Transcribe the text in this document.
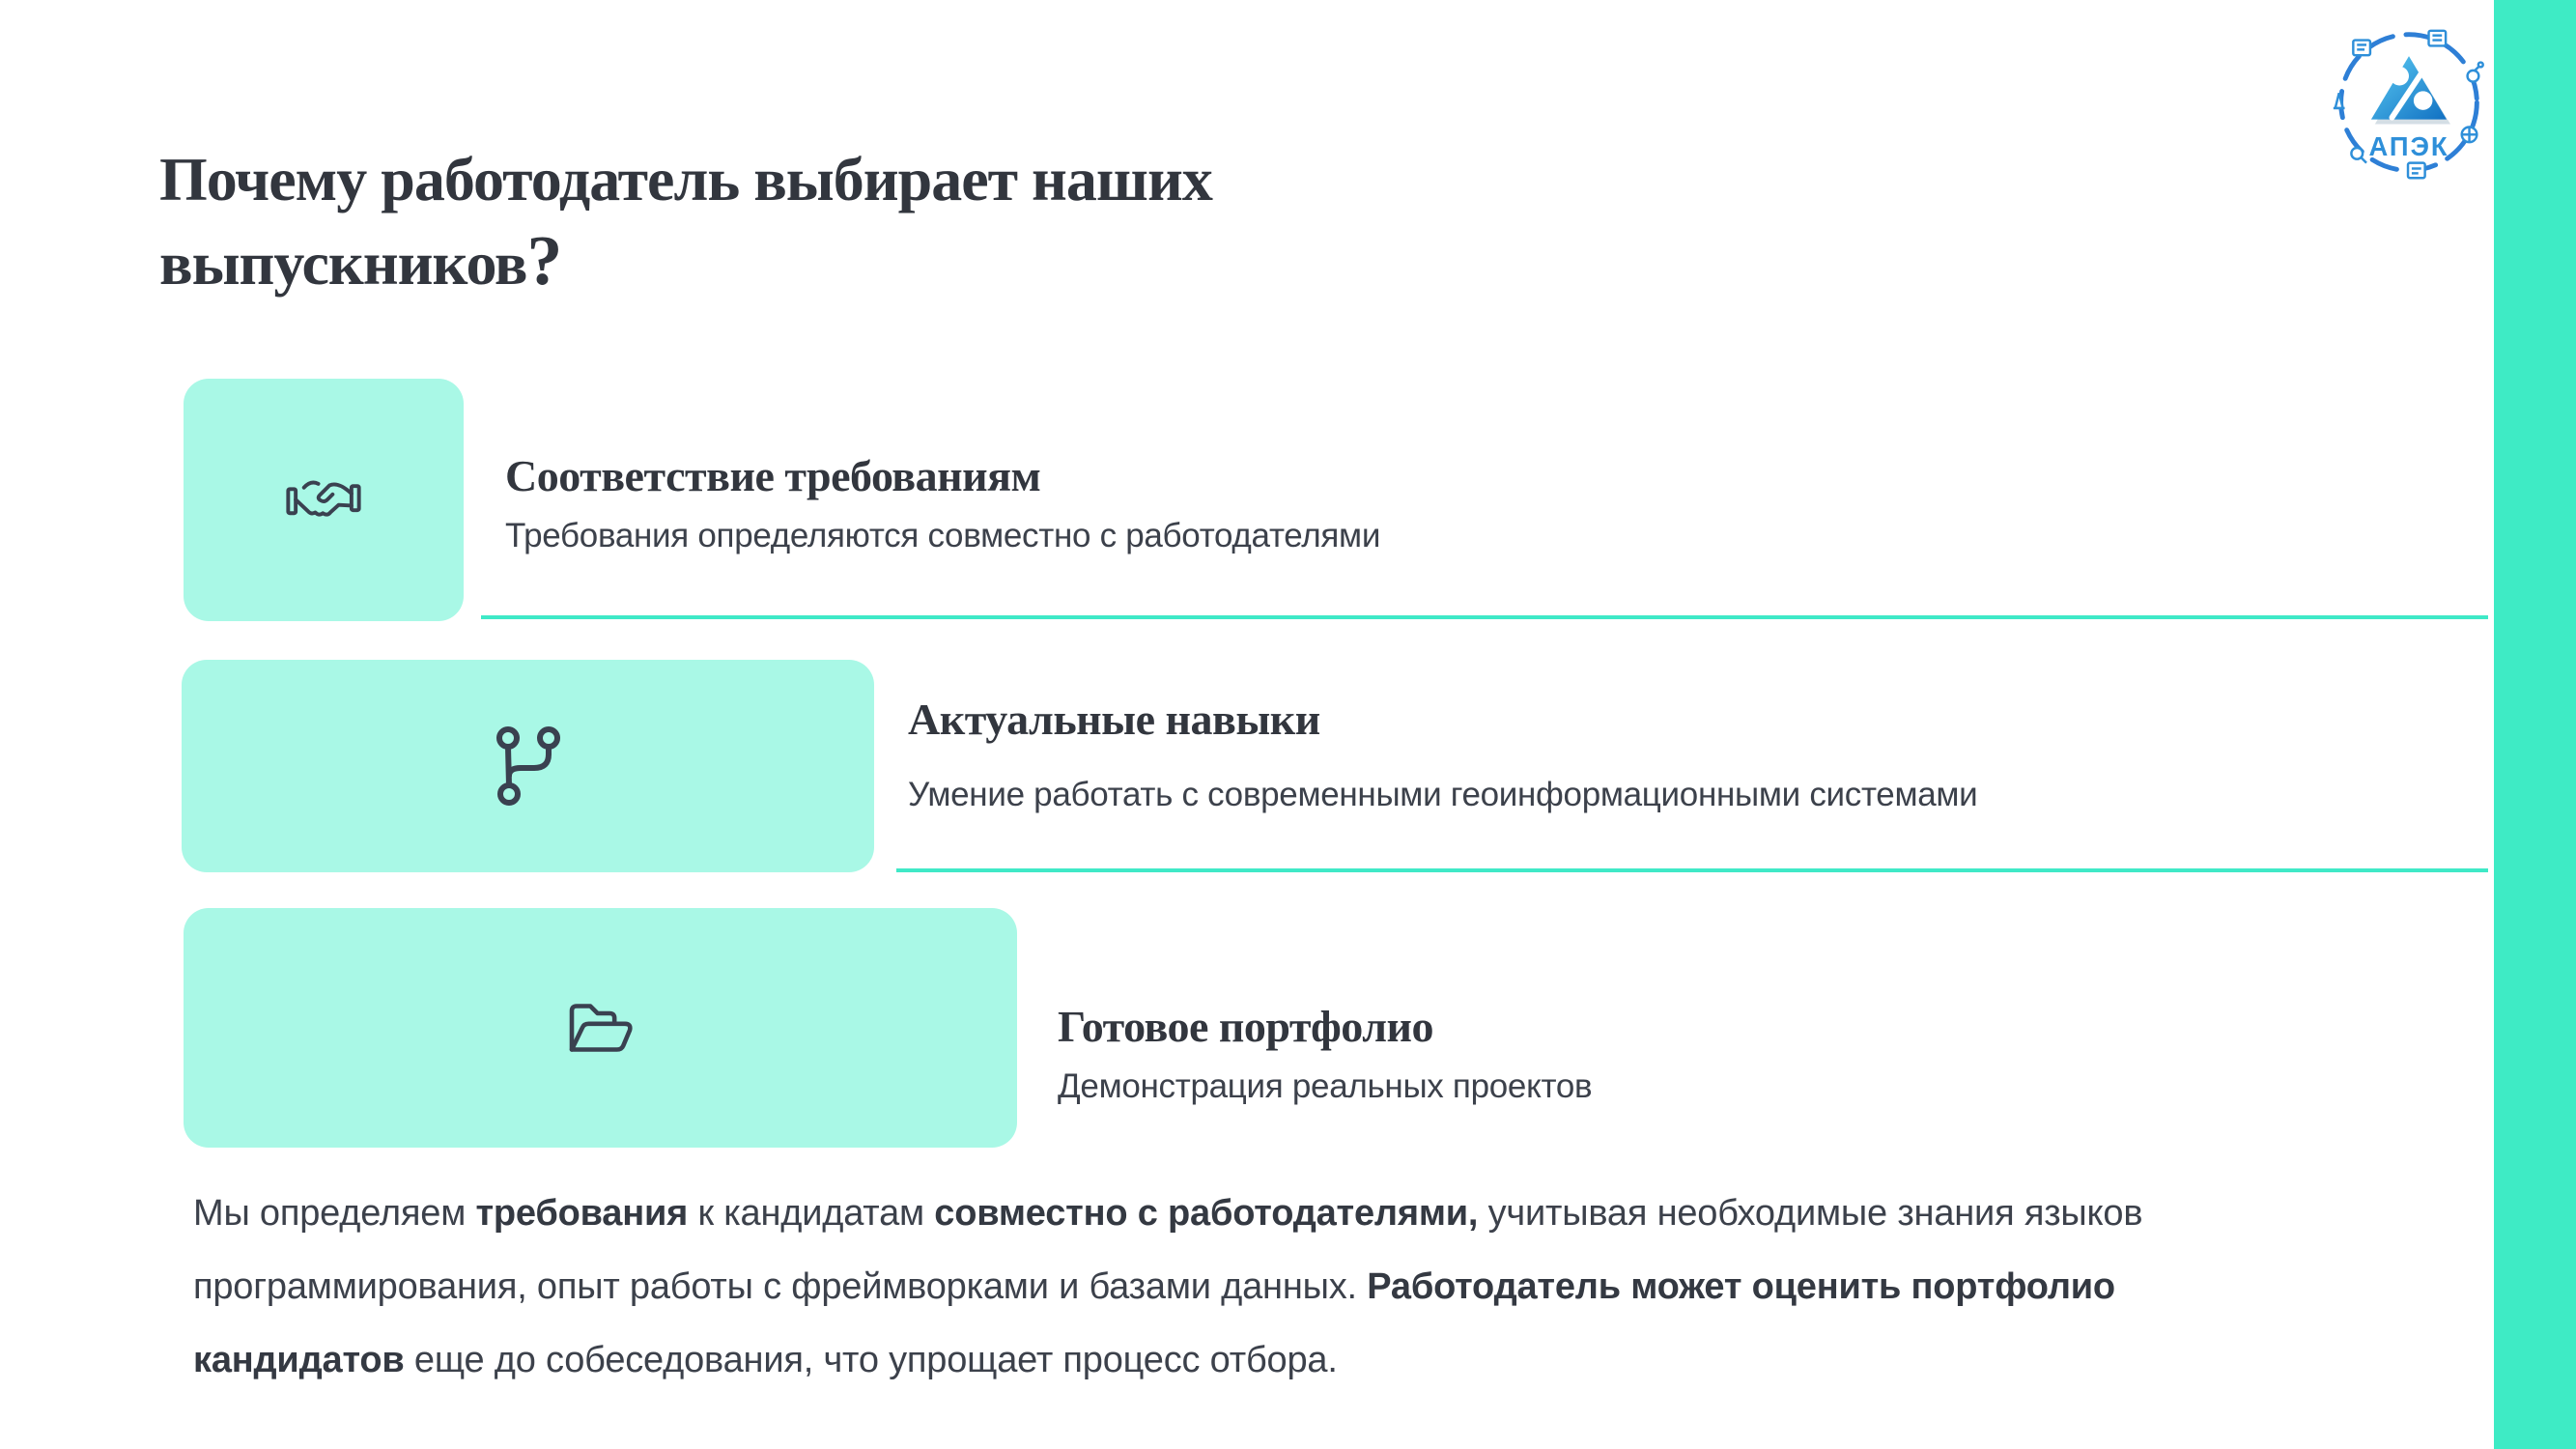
АПЭК
Почему работодатель выбирает наших выпускников?

Соответствие требованиям

Требования определяются совместно с работодателями

Актуальные навыки

Умение работать с современными геоинформационными системами

Готовое портфолио

Демонстрация реальных проектов

Мы определяем требования к кандидатам совместно с работодателями, учитывая необходимые знания языков программирования, опыт работы с фреймворками и базами данных. Работодатель может оценить портфолио кандидатов еще до собеседования, что упрощает процесс отбора.
